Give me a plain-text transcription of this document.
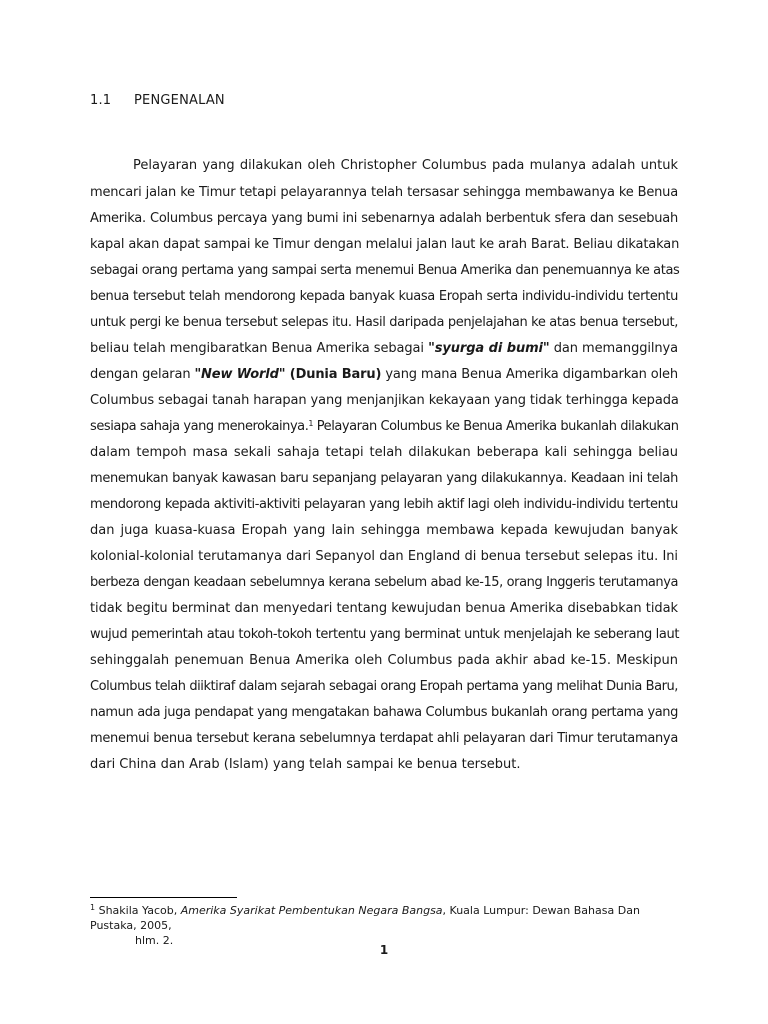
1.1 PENGENALAN
Pelayaran yang dilakukan oleh Christopher Columbus pada mulanya adalah untuk
mencari jalan ke Timur tetapi pelayarannya telah tersasar sehingga membawanya ke Benua
Amerika. Columbus percaya yang bumi ini sebenarnya adalah berbentuk sfera dan sesebuah
kapal akan dapat sampai ke Timur dengan melalui jalan laut ke arah Barat. Beliau dikatakan
sebagai orang pertama yang sampai serta menemui Benua Amerika dan penemuannya ke atas
benua tersebut telah mendorong kepada banyak kuasa Eropah serta individu-individu tertentu
untuk pergi ke benua tersebut selepas itu. Hasil daripada penjelajahan ke atas benua tersebut,
beliau telah mengibaratkan Benua Amerika sebagai "syurga di bumi" dan memanggilnya
dengan gelaran "New World" (Dunia Baru) yang mana Benua Amerika digambarkan oleh
Columbus sebagai tanah harapan yang menjanjikan kekayaan yang tidak terhingga kepada
sesiapa sahaja yang menerokainya.$^1$ Pelayaran Columbus ke Benua Amerika bukanlah dilakukan
dalam tempoh masa sekali sahaja tetapi telah dilakukan beberapa kali sehingga beliau
menemukan banyak kawasan baru sepanjang pelayaran yang dilakukannya. Keadaan ini telah
mendorong kepada aktiviti-aktiviti pelayaran yang lebih aktif lagi oleh individu-individu tertentu
dan juga kuasa-kuasa Eropah yang lain sehingga membawa kepada kewujudan banyak
kolonial-kolonial terutamanya dari Sepanyol dan England di benua tersebut selepas itu. Ini
berbeza dengan keadaan sebelumnya kerana sebelum abad ke-15, orang Inggeris terutamanya
tidak begitu berminat dan menyedari tentang kewujudan benua Amerika disebabkan tidak
wujud pemerintah atau tokoh-tokoh tertentu yang berminat untuk menjelajah ke seberang laut
sehinggalah penemuan Benua Amerika oleh Columbus pada akhir abad ke-15. Meskipun
Columbus telah diiktiraf dalam sejarah sebagai orang Eropah pertama yang melihat Dunia Baru,
namun ada juga pendapat yang mengatakan bahawa Columbus bukanlah orang pertama yang
menemui benua tersebut kerana sebelumnya terdapat ahli pelayaran dari Timur terutamanya
dari China dan Arab (Islam) yang telah sampai ke benua tersebut.
$^1$ Shakila Yacob, Amerika Syarikat Pembentukan Negara Bangsa, Kuala Lumpur: Dewan Bahasa Dan Pustaka, 2005,
hlm. 2.
1
